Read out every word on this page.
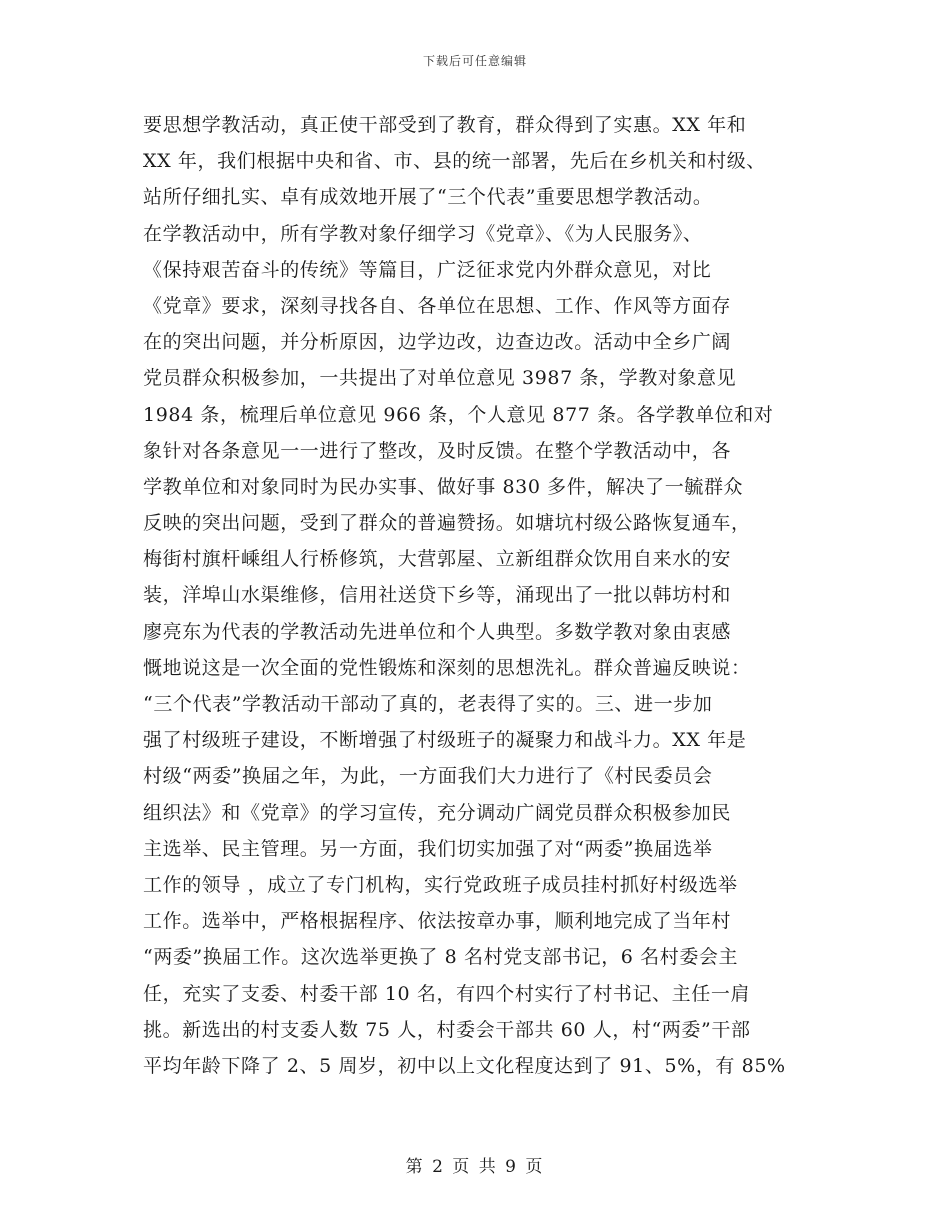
下载后可任意编辑
要思想学教活动，真正使干部受到了教育，群众得到了实惠。XX 年和
XX 年，我们根据中央和省、市、县的统一部署，先后在乡机关和村级、
站所仔细扎实、卓有成效地开展了“三个代表”重要思想学教活动。
在学教活动中，所有学教对象仔细学习《党章》、《为人民服务》、
《保持艰苦奋斗的传统》等篇目，广泛征求党内外群众意见，对比
《党章》要求，深刻寻找各自、各单位在思想、工作、作风等方面存
在的突出问题，并分析原因，边学边改，边查边改。活动中全乡广阔
党员群众积极参加，一共提出了对单位意见 3987 条，学教对象意见
1984 条，梳理后单位意见 966 条，个人意见 877 条。各学教单位和对
象针对各条意见一一进行了整改，及时反馈。在整个学教活动中，各
学教单位和对象同时为民办实事、做好事 830 多件，解决了一毓群众
反映的突出问题，受到了群众的普遍赞扬。如塘坑村级公路恢复通车，
梅街村旗杆嵊组人行桥修筑，大营郭屋、立新组群众饮用自来水的安
装，洋埠山水渠维修，信用社送贷下乡等，涌现出了一批以韩坊村和
廖亮东为代表的学教活动先进单位和个人典型。多数学教对象由衷感
慨地说这是一次全面的党性锻炼和深刻的思想洗礼。群众普遍反映说：
“三个代表”学教活动干部动了真的，老表得了实的。三、进一步加
强了村级班子建设，不断增强了村级班子的凝聚力和战斗力。XX 年是
村级“两委”换届之年，为此，一方面我们大力进行了《村民委员会
组织法》和《党章》的学习宣传，充分调动广阔党员群众积极参加民
主选举、民主管理。另一方面，我们切实加强了对“两委”换届选举
工作的领导 ，成立了专门机构，实行党政班子成员挂村抓好村级选举
工作。选举中，严格根据程序、依法按章办事，顺利地完成了当年村
“两委”换届工作。这次选举更换了 8 名村党支部书记，6 名村委会主
任，充实了支委、村委干部 10 名，有四个村实行了村书记、主任一肩
挑。新选出的村支委人数 75 人，村委会干部共 60 人，村“两委”干部
平均年龄下降了 2、5 周岁，初中以上文化程度达到了 91、5%，有 85%
第 2 页 共 9 页
